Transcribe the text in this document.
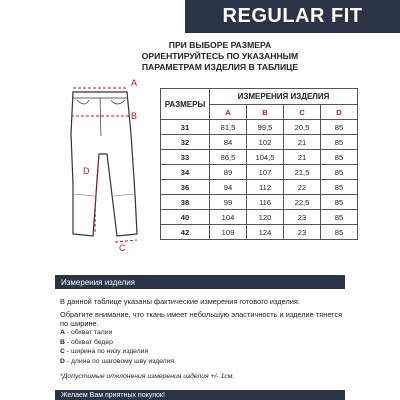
REGULAR FIT
ПРИ ВЫБОРЕ РАЗМЕРА
ОРИЕНТИРУЙТЕСЬ ПО УКАЗАННЫМ
ПАРАМЕТРАМ ИЗДЕЛИЯ В ТАБЛИЦЕ
A
B
D
C
РАЗМЕРЫ	ИЗМЕРЕНИЯ ИЗДЕЛИЯ			
	A	B	C	D
31	81,5	99,5	20,5	85
32	84	102	21	85
33	86,5	104,5	21	85
34	89	107	21,5	85
36	94	112	22	85
38	99	116	22,5	85
40	104	120	23	85
42	109	124	23	85
Измерения изделия

В данной таблице указаны фактические измерения готового изделия.

Обратите внимание, что ткань имеет небольшую эластичность и изделие тянется по ширине.

A - обхват талии
B - обхват бедер
C - ширина по низу изделия
D - длина по шаговому шву изделия
*Допустимые отклонения измерения изделия +/- 1см.
Желаем Вам приятных покупок!
